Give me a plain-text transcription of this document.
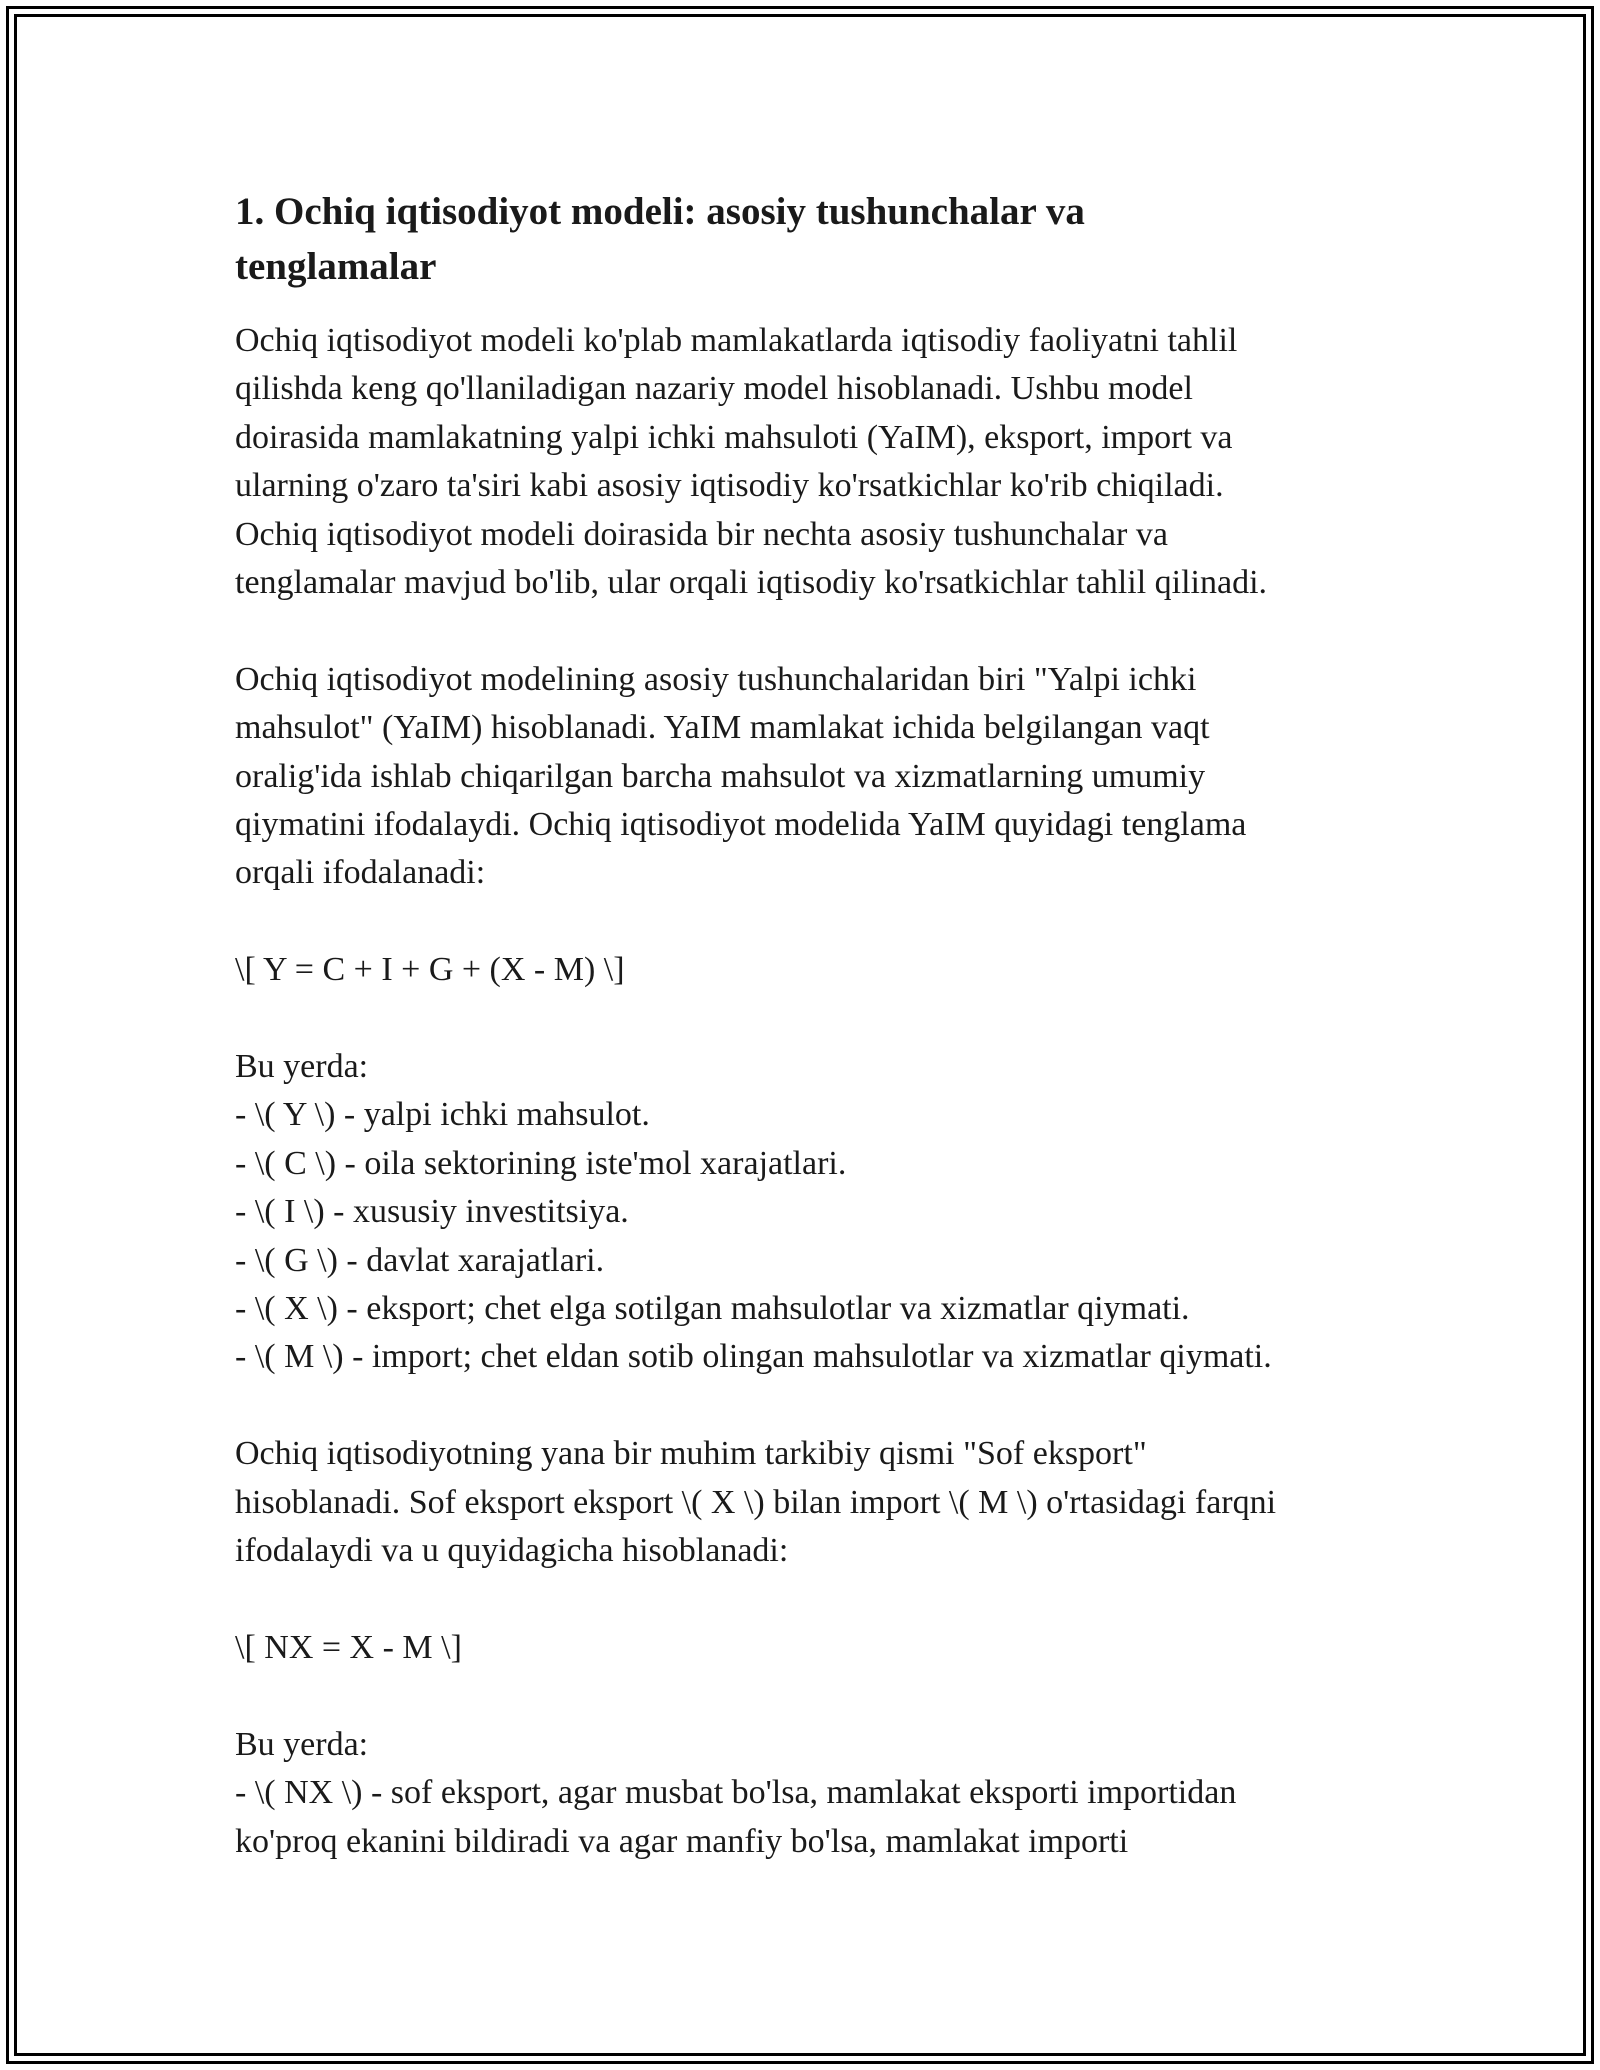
1. Ochiq iqtisodiyot modeli: asosiy tushunchalar va
tenglamalar

Ochiq iqtisodiyot modeli ko'plab mamlakatlarda iqtisodiy faoliyatni tahlil
qilishda keng qo'llaniladigan nazariy model hisoblanadi. Ushbu model
doirasida mamlakatning yalpi ichki mahsuloti (YaIM), eksport, import va
ularning o'zaro ta'siri kabi asosiy iqtisodiy ko'rsatkichlar ko'rib chiqiladi.
Ochiq iqtisodiyot modeli doirasida bir nechta asosiy tushunchalar va
tenglamalar mavjud bo'lib, ular orqali iqtisodiy ko'rsatkichlar tahlil qilinadi.

Ochiq iqtisodiyot modelining asosiy tushunchalaridan biri "Yalpi ichki
mahsulot" (YaIM) hisoblanadi. YaIM mamlakat ichida belgilangan vaqt
oralig'ida ishlab chiqarilgan barcha mahsulot va xizmatlarning umumiy
qiymatini ifodalaydi. Ochiq iqtisodiyot modelida YaIM quyidagi tenglama
orqali ifodalanadi:

\[ Y = C + I + G + (X - M) \]

Bu yerda:
- \( Y \) - yalpi ichki mahsulot.
- \( C \) - oila sektorining iste'mol xarajatlari.
- \( I \) - xususiy investitsiya.
- \( G \) - davlat xarajatlari.
- \( X \) - eksport; chet elga sotilgan mahsulotlar va xizmatlar qiymati.
- \( M \) - import; chet eldan sotib olingan mahsulotlar va xizmatlar qiymati.

Ochiq iqtisodiyotning yana bir muhim tarkibiy qismi "Sof eksport"
hisoblanadi. Sof eksport eksport \( X \) bilan import \( M \) o'rtasidagi farqni
ifodalaydi va u quyidagicha hisoblanadi:

\[ NX = X - M \]

Bu yerda:
- \( NX \) - sof eksport, agar musbat bo'lsa, mamlakat eksporti importidan
ko'proq ekanini bildiradi va agar manfiy bo'lsa, mamlakat importi
